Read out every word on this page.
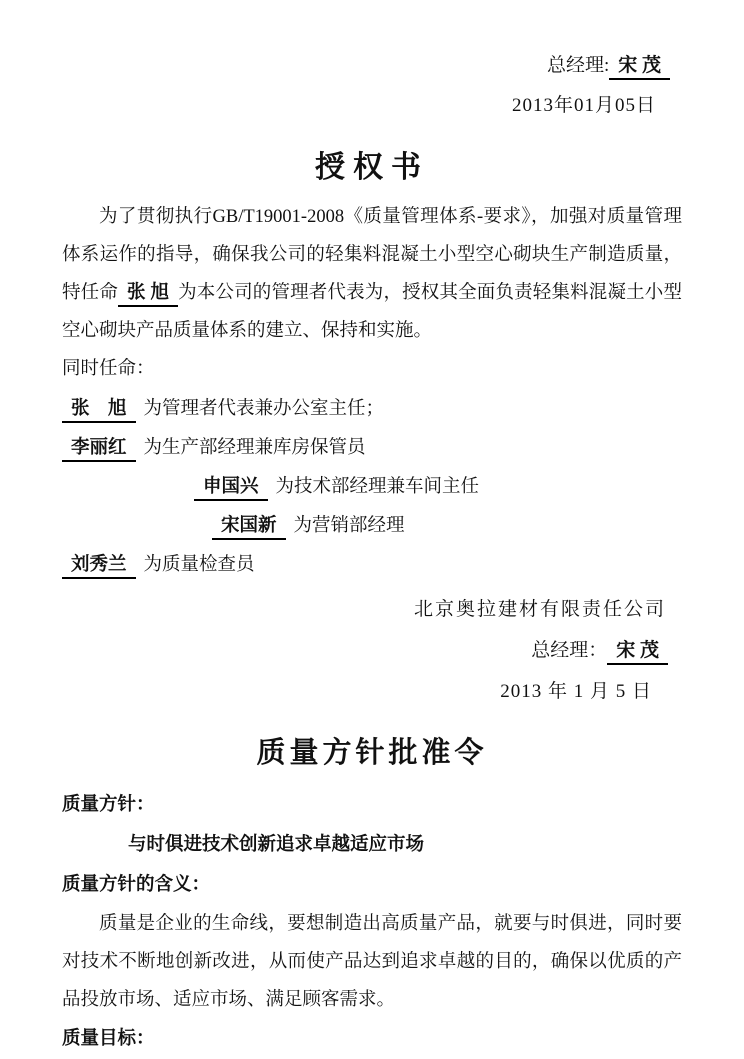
总经理: 宋 茂
2013年01月05日
授权书

为了贯彻执行GB/T19001-2008《质量管理体系-要求》，加强对质量管理体系运作的指导，确保我公司的轻集料混凝土小型空心砌块生产制造质量，特任命 张 旭 为本公司的管理者代表为，授权其全面负责轻集料混凝土小型空心砌块产品质量体系的建立、保持和实施。

同时任命：
张　旭 为管理者代表兼办公室主任；
李丽红 为生产部经理兼库房保管员
申国兴 为技术部经理兼车间主任
宋国新 为营销部经理
刘秀兰 为质量检查员
北京奥拉建材有限责任公司
总经理： 宋 茂
2013 年 1 月 5 日
质量方针批准令
质量方针：
与时俱进技术创新追求卓越适应市场
质量方针的含义：

质量是企业的生命线，要想制造出高质量产品，就要与时俱进，同时要对技术不断地创新改进，从而使产品达到追求卓越的目的，确保以优质的产品投放市场、适应市场、满足顾客需求。

质量目标：
